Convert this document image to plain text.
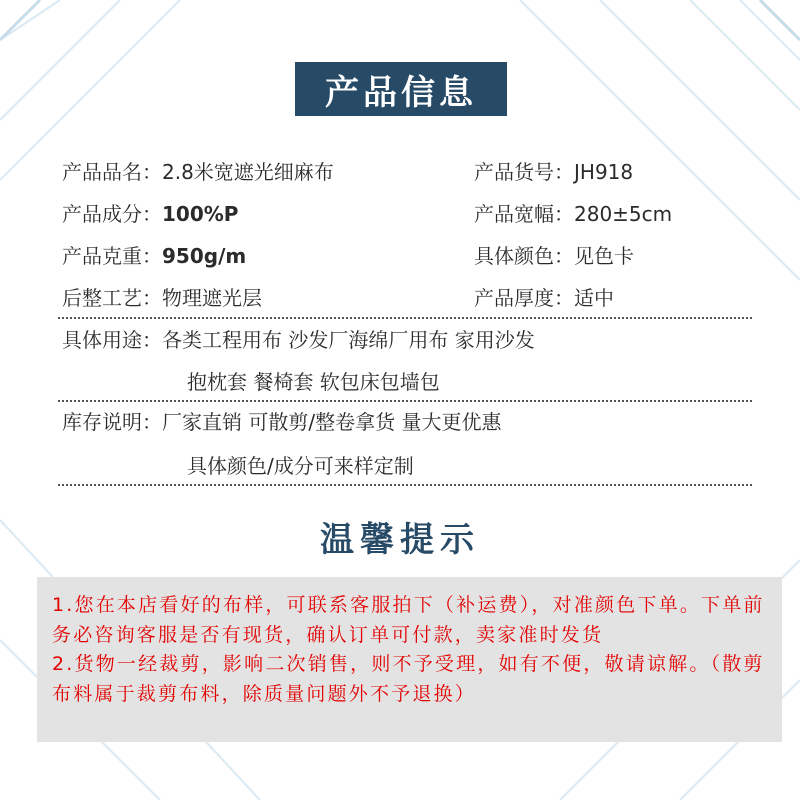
产品信息
产品品名：2.8米宽遮光细麻布	产品货号：JH918
产品成分：100%P	产品宽幅：280±5cm
产品克重：950g/m	具体颜色：见色卡
后整工艺：物理遮光层	产品厚度：适中
具体用途：各类工程用布 沙发厂海绵厂用布 家用沙发
抱枕套 餐椅套 软包床包墙包
库存说明：厂家直销 可散剪/整卷拿货 量大更优惠
具体颜色/成分可来样定制
温馨提示

1.您在本店看好的布样，可联系客服拍下（补运费），对准颜色下单。下单前务必咨询客服是否有现货，确认订单可付款，卖家准时发货

2.货物一经裁剪，影响二次销售，则不予受理，如有不便，敬请谅解。（散剪布料属于裁剪布料，除质量问题外不予退换）
